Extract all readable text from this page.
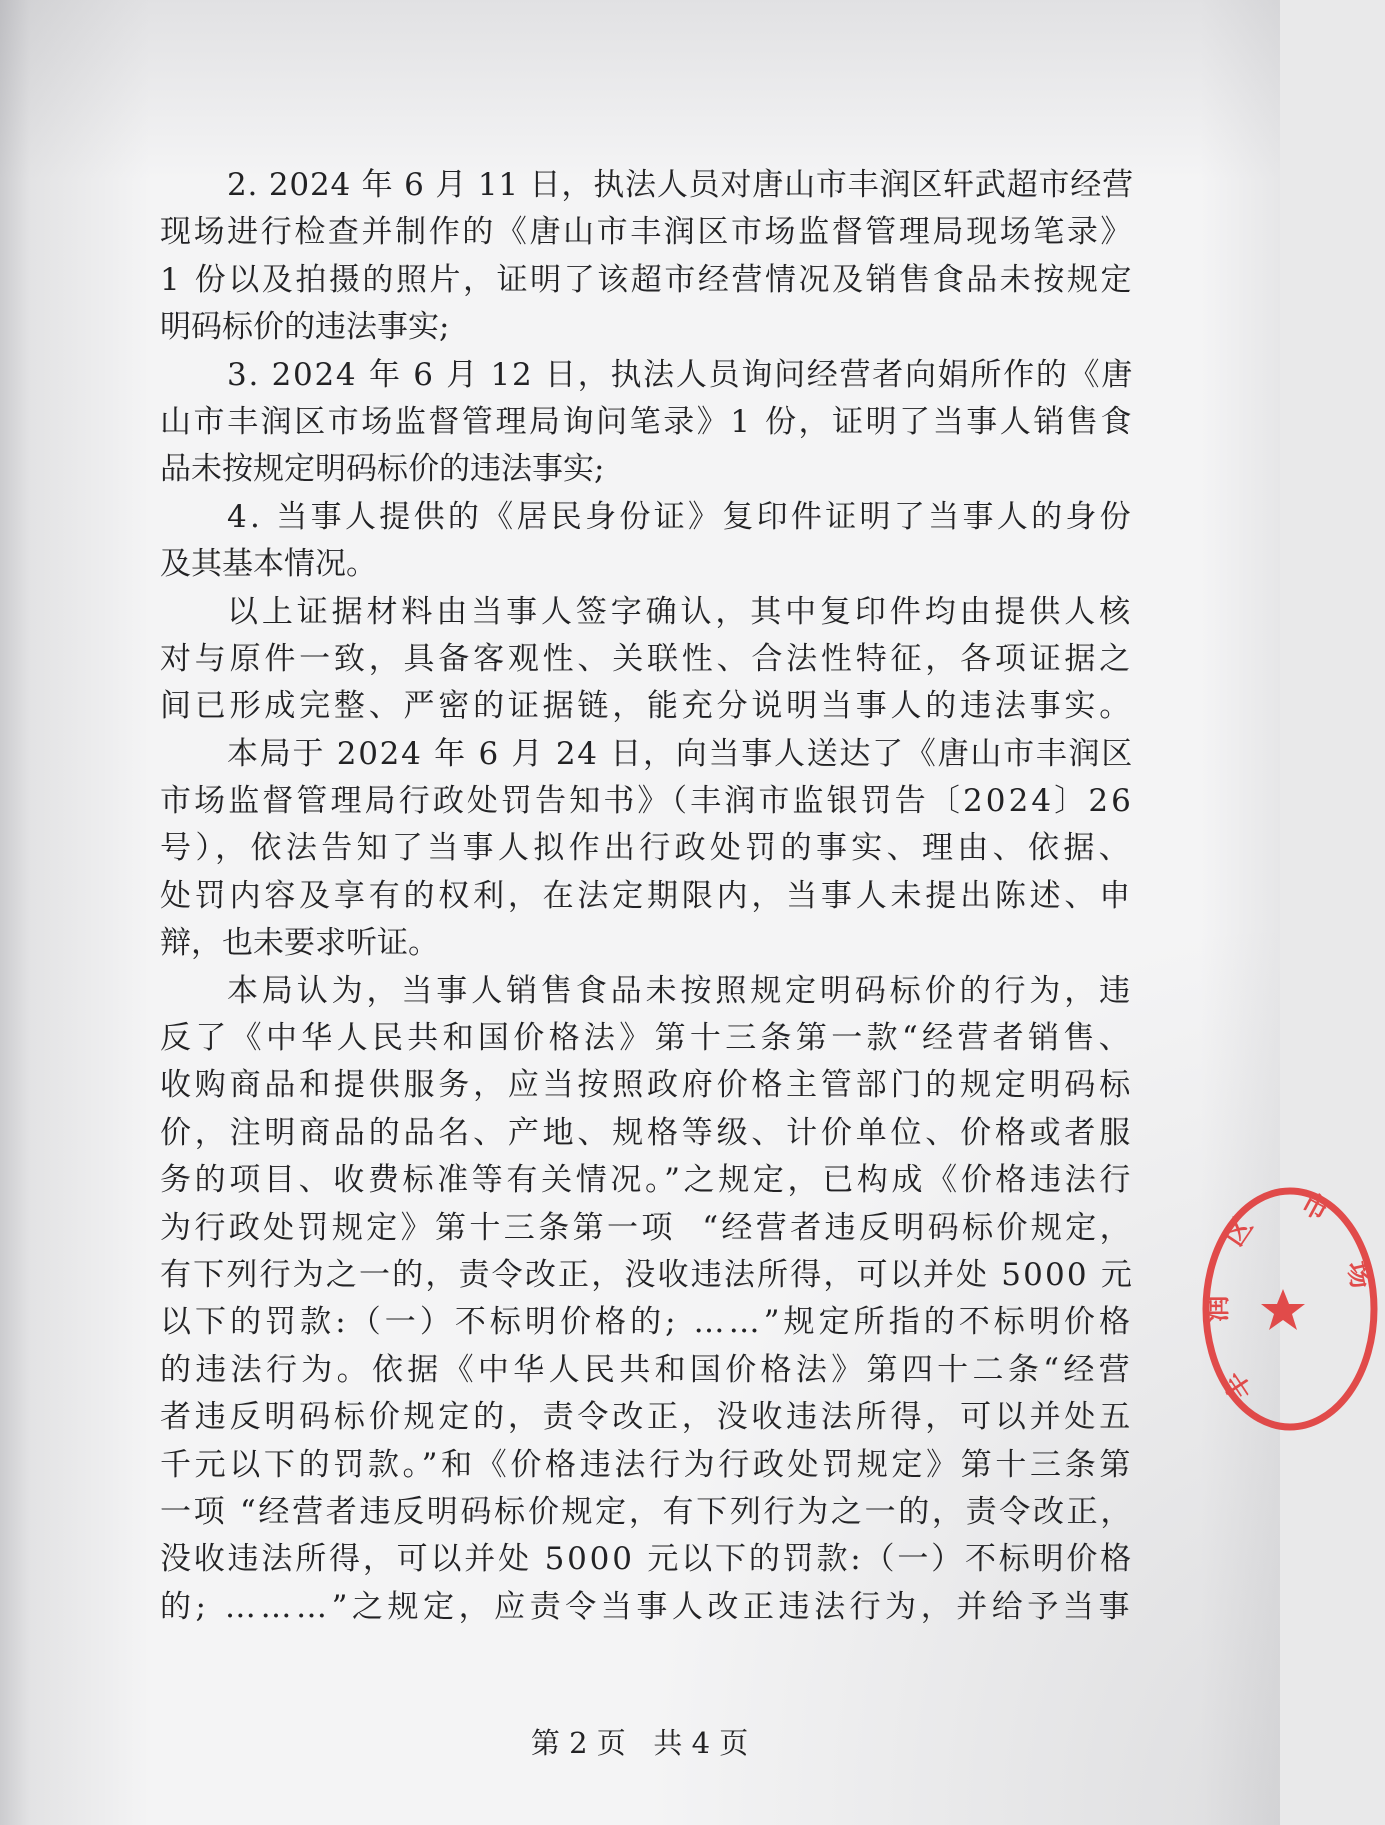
2. 2024 年 6 月 11 日，执法人员对唐山市丰润区轩武超市经营
现场进行检查并制作的《唐山市丰润区市场监督管理局现场笔录》
1 份以及拍摄的照片，证明了该超市经营情况及销售食品未按规定
明码标价的违法事实;
3. 2024 年 6 月 12 日，执法人员询问经营者向娟所作的《唐
山市丰润区市场监督管理局询问笔录》1 份，证明了当事人销售食
品未按规定明码标价的违法事实;
4. 当事人提供的《居民身份证》复印件证明了当事人的身份
及其基本情况。
以上证据材料由当事人签字确认，其中复印件均由提供人核
对与原件一致，具备客观性、关联性、合法性特征，各项证据之
间已形成完整、严密的证据链，能充分说明当事人的违法事实。
本局于 2024 年 6 月 24 日，向当事人送达了《唐山市丰润区
市场监督管理局行政处罚告知书》（丰润市监银罚告〔2024〕26
号），依法告知了当事人拟作出行政处罚的事实、理由、依据、
处罚内容及享有的权利，在法定期限内，当事人未提出陈述、申
辩，也未要求听证。
本局认为，当事人销售食品未按照规定明码标价的行为，违
反了《中华人民共和国价格法》第十三条第一款“经营者销售、
收购商品和提供服务，应当按照政府价格主管部门的规定明码标
价，注明商品的品名、产地、规格等级、计价单位、价格或者服
务的项目、收费标准等有关情况。”之规定，已构成《价格违法行
为行政处罚规定》第十三条第一项  “经营者违反明码标价规定，
有下列行为之一的，责令改正，没收违法所得，可以并处 5000 元
以下的罚款:（一）不标明价格的; ……”规定所指的不标明价格
的违法行为。依据《中华人民共和国价格法》第四十二条“经营
者违反明码标价规定的，责令改正，没收违法所得，可以并处五
千元以下的罚款。”和《价格违法行为行政处罚规定》第十三条第
一项 “经营者违反明码标价规定，有下列行为之一的，责令改正，
没收违法所得，可以并处 5000 元以下的罚款:（一）不标明价格
的; ………”之规定，应责令当事人改正违法行为，并给予当事

第 2 页   共 4 页

丰润区市场
